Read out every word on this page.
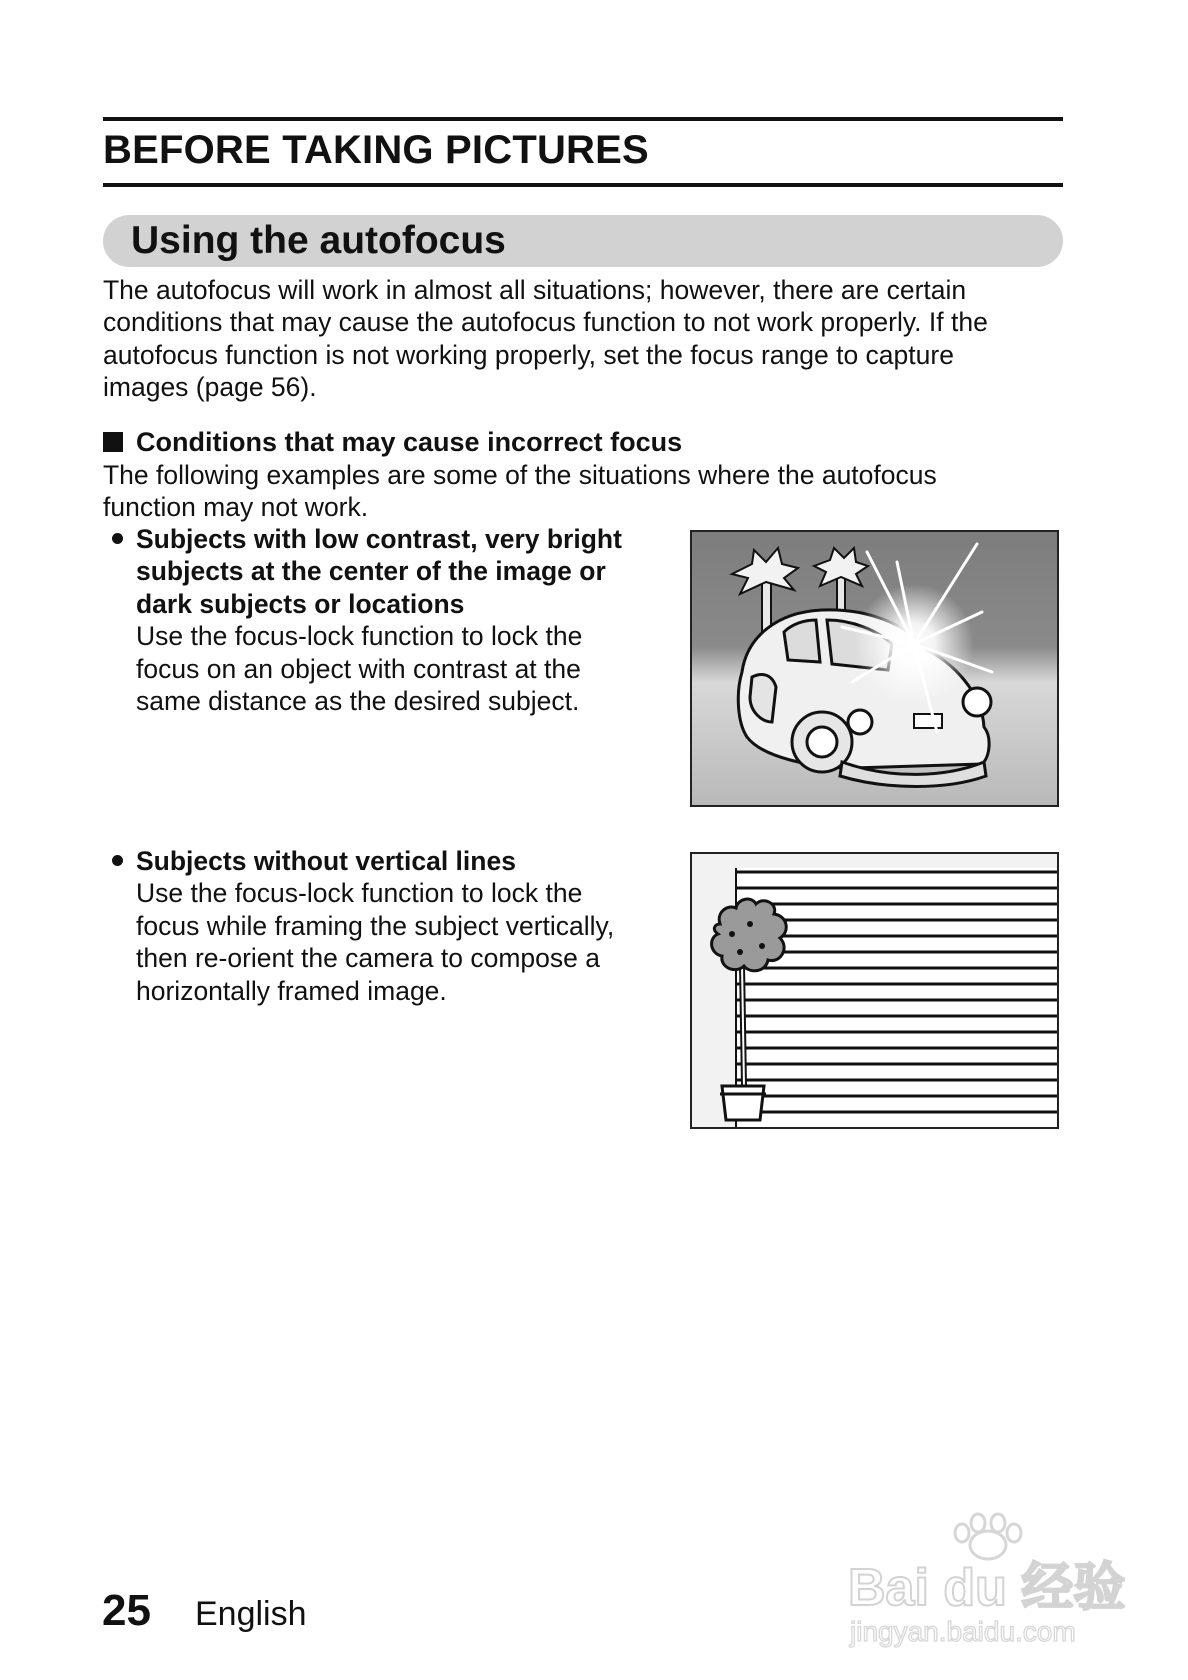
BEFORE TAKING PICTURES
Using the autofocus
The autofocus will work in almost all situations; however, there are certain
conditions that may cause the autofocus function to not work properly. If the
autofocus function is not working properly, set the focus range to capture
images (page 56).
Conditions that may cause incorrect focus
The following examples are some of the situations where the autofocus
function may not work.

Subjects with low contrast, very bright

subjects at the center of the image or

dark subjects or locations

Use the focus-lock function to lock the

focus on an object with contrast at the

same distance as the desired subject.

Subjects without vertical lines

Use the focus-lock function to lock the

focus while framing the subject vertically,

then re-orient the camera to compose a

horizontally framed image.

25 English	Bai du 经验
jingyan.baidu.com
